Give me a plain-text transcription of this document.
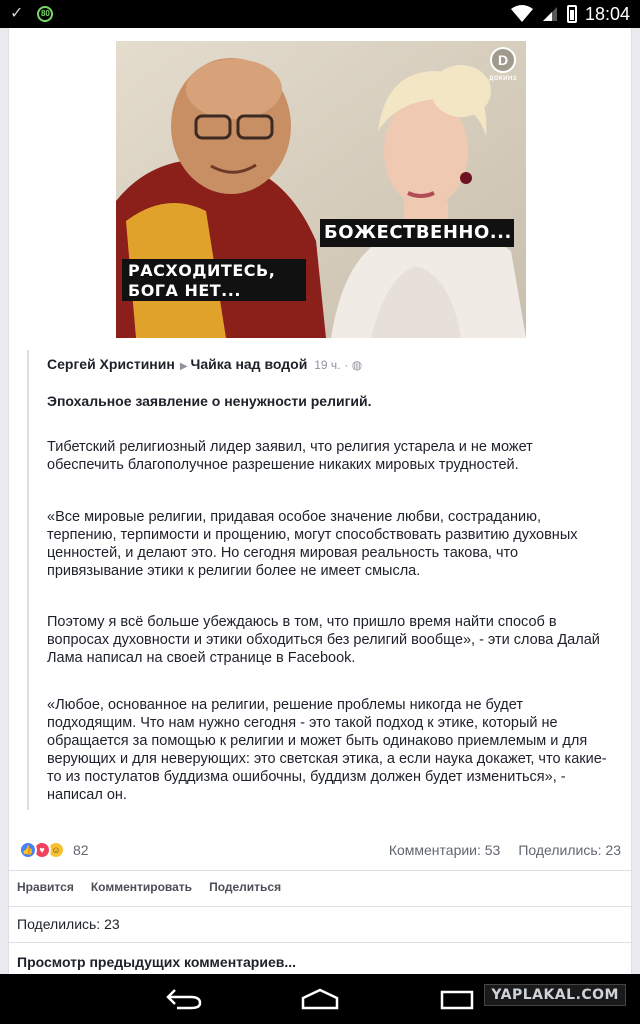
✓	80	18:04
D
ДОКИНЗ
БОЖЕСТВЕННО...
РАСХОДИТЕСЬ,
БОГА НЕТ...
Сергей Христинин ▶ Чайка над водой 19 ч. · ◍
Эпохальное заявление о ненужности религий.
Тибетский религиозный лидер заявил, что религия устарела и не может обеспечить благополучное разрешение никаких мировых трудностей.
«Все мировые религии, придавая особое значение любви, состраданию, терпению, терпимости и прощению, могут способствовать развитию духовных ценностей, и делают это. Но сегодня мировая реальность такова, что привязывание этики к религии более не имеет смысла.
Поэтому я всё больше убеждаюсь в том, что пришло время найти способ в вопросах духовности и этики обходиться без религий вообще», - эти слова Далай Лама написал на своей странице в Facebook.
«Любое, основанное на религии, решение проблемы никогда не будет подходящим. Что нам нужно сегодня - это такой подход к этике, который не обращается за помощью к религии и может быть одинаково приемлемым и для верующих и для неверующих: это светская этика, а если наука докажет, что какие-то из постулатов буддизма ошибочны, буддизм должен будет измениться», - написал он.
👍 ♥ ☺ 82	Комментарии: 53 Поделились: 23
Нравится Комментировать Поделиться
Поделились: 23
Просмотр предыдущих комментариев...
YAPLAKAL.COM
